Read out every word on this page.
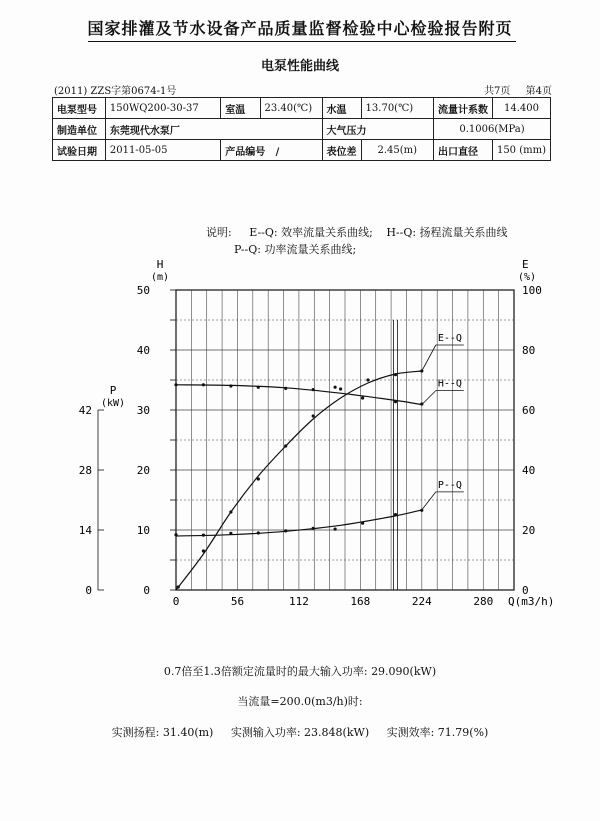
国家排灌及节水设备产品质量监督检验中心检验报告附页
电泵性能曲线
(2011) ZZS字第0674-1号	共7页 第4页
电泵型号	150WQ200-30-37	室温	23.40(℃)	水温	13.70(℃)	流量计系数	14.400
制造单位	东莞现代水泵厂			大气压力		0.1006(MPa)	
试验日期	2011-05-05	产品编号 /		表位差	2.45(m)	出口直径	150 (mm)
说明: E--Q: 效率流量关系曲线; H--Q: 扬程流量关系曲线
P--Q: 功率流量关系曲线;
0
10
20
30
40
50
H
(m)
0
14
28
42
P
(kW)
0
20
40
60
80
100
E
(%)
0	56	112	168	224	280 Q(m3/h)
E--Q
H--Q
P--Q
0.7倍至1.3倍额定流量时的最大输入功率: 29.090(kW)
当流量=200.0(m3/h)时:
实测扬程: 31.40(m) 实测输入功率: 23.848(kW) 实测效率: 71.79(%)
